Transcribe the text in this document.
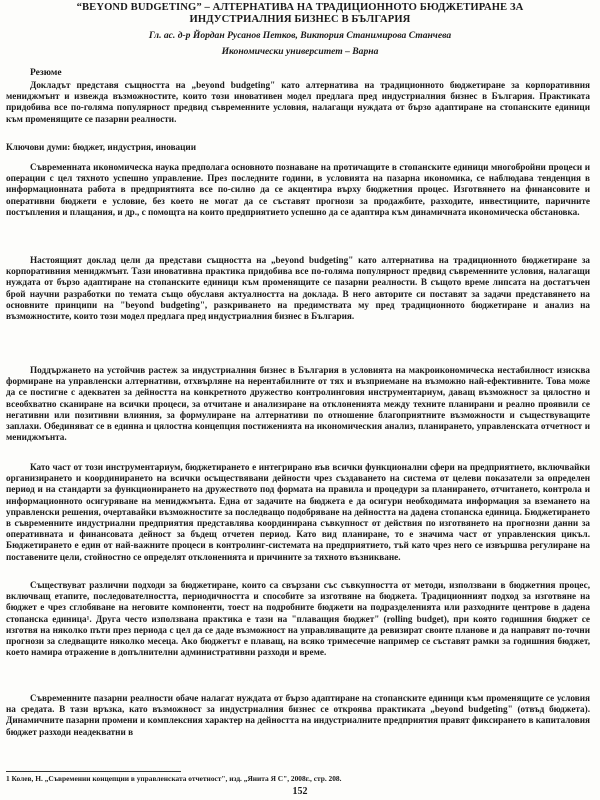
“BEYOND BUDGETING” – АЛТЕРНАТИВА НА ТРАДИЦИОННОТО БЮДЖЕТИРАНЕ ЗА
ИНДУСТРИАЛНИЯ БИЗНЕС В БЪЛГАРИЯ
Гл. ас. д-р Йордан Русанов Петков, Виктория Станимирова Станчева
Икономически университет – Варна
Резюме

Докладът представя същността на „beyond budgeting" като алтернатива на традиционното бюджетиране за корпоративния мениджмънт и извежда възможностите, които този иновативен модел предлага пред индустриалния бизнес в България. Практиката придобива все по-голяма популярност предвид съвременните условия, налагащи нуждата от бързо адаптиране на стопанските единици към променящите се пазарни реалности.

Ключови думи: бюджет, индустрия, иновации

Съвременната икономическа наука предполага основното познаване на протичащите в стопанските единици многобройни процеси и операции с цел тяхното успешно управление. През последните години, в условията на пазарна икономика, се наблюдава тенденция в информационната работа в предприятията все по-силно да се акцентира върху бюджетния процес. Изготвянето на финансовите и оперативни бюджети е условие, без което не могат да се съставят прогнози за продажбите, разходите, инвестициите, паричните постъпления и плащания, и др., с помощта на които предприятието успешно да се адаптира към динамичната икономическа обстановка.

Настоящият доклад цели да представи същността на „beyond budgeting" като алтернатива на традиционното бюджетиране за корпоративния мениджмънт. Тази иновативна практика придобива все по-голяма популярност предвид съвременните условия, налагащи нуждата от бързо адаптиране на стопанските единици към променящите се пазарни реалности. В същото време липсата на достатъчен брой научни разработки по темата също обуславя актуалността на доклада. В него авторите си поставят за задачи представянето на основните принципи на "beyond budgeting", разкриването на предимствата му пред традиционното бюджетиране и анализ на възможностите, които този модел предлага пред индустриалния бизнес в България.

Поддържането на устойчив растеж за индустриалния бизнес в България в условията на макроикономическа нестабилност изисква формиране на управленски алтернативи, отхвърляне на нерентабилните от тях и възприемане на възможно най-ефективните. Това може да се постигне с адекватен за дейността на конкретното дружество контролинговия инструментариум, даващ възможност за цялостно и всеобхватно сканиране на всички процеси, за отчитане и анализиране на отклоненията между техните планирани и реално проявили се негативни или позитивни влияния, за формулиране на алтернативи по отношение благоприятните възможности и съществуващите заплахи. Обединяват се в единна и цялостна концепция постиженията на икономическия анализ, планирането, управленската отчетност и мениджмънта.

Като част от този инструментариум, бюджетирането е интегрирано във всички функционални сфери на предприятието, включвайки организирането и координирането на всички осъществявани дейности чрез създаването на система от целеви показатели за определен период и на стандарти за функционирането на дружеството под формата на правила и процедури за планирането, отчитането, контрола и информационното осигуряване на мениджмънта. Една от задачите на бюджета е да осигури необходимата информация за вземането на управленски решения, очертавайки възможностите за последващо подобряване на дейността на дадена стопанска единица. Бюджетирането в съвременните индустриални предприятия представлява координирана съвкупност от действия по изготвянето на прогнозни данни за оперативната и финансовата дейност за бъдещ отчетен период. Като вид планиране, то е значима част от управленския цикъл. Бюджетирането е един от най-важните процеси в контролинг-системата на предприятието, тъй като чрез него се извършва регулиране на поставените цели, стойностно се определят отклоненията и причините за тяхното възникване.

Съществуват различни подходи за бюджетиране, които са свързани със съвкупността от методи, използвани в бюджетния процес, включващ етапите, последователността, периодичността и способите за изготвяне на бюджета. Традиционният подход за изготвяне на бюджет е чрез сглобяване на неговите компоненти, тоест на подробните бюджети на подразделенията или разходните центрове в дадена стопанска единица¹. Друга често използвана практика е тази на "плаващия бюджет" (rolling budget), при която годишния бюджет се изготвя на няколко пъти през периода с цел да се даде възможност на управляващите да ревизират своите планове и да направят по-точни прогнози за следващите няколко месеца. Ако бюджетът е плаващ, на всяко тримесечие например се съставят рамки за годишния бюджет, което намира отражение в допълнителни административни разходи и време.

Съвременните пазарни реалности обаче налагат нуждата от бързо адаптиране на стопанските единици към променящите се условия на средата. В тази връзка, като възможност за индустриалния бизнес се откроява практиката „beyond budgeting" (отвъд бюджета). Динамичните пазарни промени и комплексния характер на дейността на индустриалните предприятия правят фиксирането в капиталовия бюджет разходи неадекватни в

1 Колев, Н. „Съвременни концепции в управленската отчетност", изд. „Янита Я С", 2008г., стр. 208.
152
